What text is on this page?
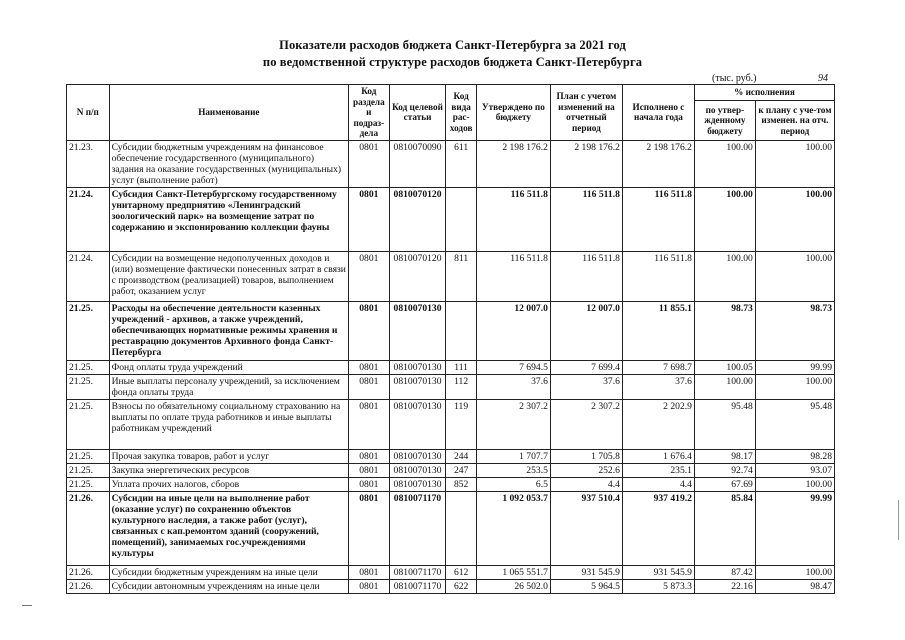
Показатели расходов бюджета Санкт-Петербурга за 2021 год
по ведомственной структуре расходов бюджета Санкт-Петербурга
(тыс. руб.)	94
N п/п	Наименование	Код раздела и подраз-дела	Код целевой статьи	Код вида рас-ходов	Утверждено по бюджету	План с учетом изменений на отчетный период	Исполнено с начала года	% исполнения	
								по утвер-жденному бюджету	к плану с уче-том изменен. на отч. период
21.23.	Субсидии бюджетным учреждениям на финансовое обеспечение государственного (муниципального) задания на оказание государственных (муниципальных) услуг (выполнение работ)	0801	0810070090	611	2 198 176.2	2 198 176.2	2 198 176.2	100.00	100.00
21.24.	Субсидия Санкт-Петербургскому государственному унитарному предприятию «Ленинградский зоологический парк» на возмещение затрат по содержанию и экспонированию коллекции фауны	0801	0810070120		116 511.8	116 511.8	116 511.8	100.00	100.00
21.24.	Субсидии на возмещение недополученных доходов и (или) возмещение фактически понесенных затрат в связи с производством (реализацией) товаров, выполнением работ, оказанием услуг	0801	0810070120	811	116 511.8	116 511.8	116 511.8	100.00	100.00
21.25.	Расходы на обеспечение деятельности казенных учреждений - архивов, а также учреждений, обеспечивающих нормативные режимы хранения и реставрацию документов Архивного фонда Санкт-Петербурга	0801	0810070130		12 007.0	12 007.0	11 855.1	98.73	98.73
21.25.	Фонд оплаты труда учреждений	0801	0810070130	111	7 694.5	7 699.4	7 698.7	100.05	99.99
21.25.	Иные выплаты персоналу учреждений, за исключением фонда оплаты труда	0801	0810070130	112	37.6	37.6	37.6	100.00	100.00
21.25.	Взносы по обязательному социальному страхованию на выплаты по оплате труда работников и иные выплаты работникам учреждений	0801	0810070130	119	2 307.2	2 307.2	2 202.9	95.48	95.48
21.25.	Прочая закупка товаров, работ и услуг	0801	0810070130	244	1 707.7	1 705.8	1 676.4	98.17	98.28
21.25.	Закупка энергетических ресурсов	0801	0810070130	247	253.5	252.6	235.1	92.74	93.07
21.25.	Уплата прочих налогов, сборов	0801	0810070130	852	6.5	4.4	4.4	67.69	100.00
21.26.	Субсидии на иные цели на выполнение работ (оказание услуг) по сохранению объектов культурного наследия, а также работ (услуг), связанных с кап.ремонтом зданий (сооружений, помещений), занимаемых гос.учреждениями культуры	0801	0810071170		1 092 053.7	937 510.4	937 419.2	85.84	99.99
21.26.	Субсидии бюджетным учреждениям на иные цели	0801	0810071170	612	1 065 551.7	931 545.9	931 545.9	87.42	100.00
21.26.	Субсидии автономным учреждениям на иные цели	0801	0810071170	622	26 502.0	5 964.5	5 873.3	22.16	98.47
